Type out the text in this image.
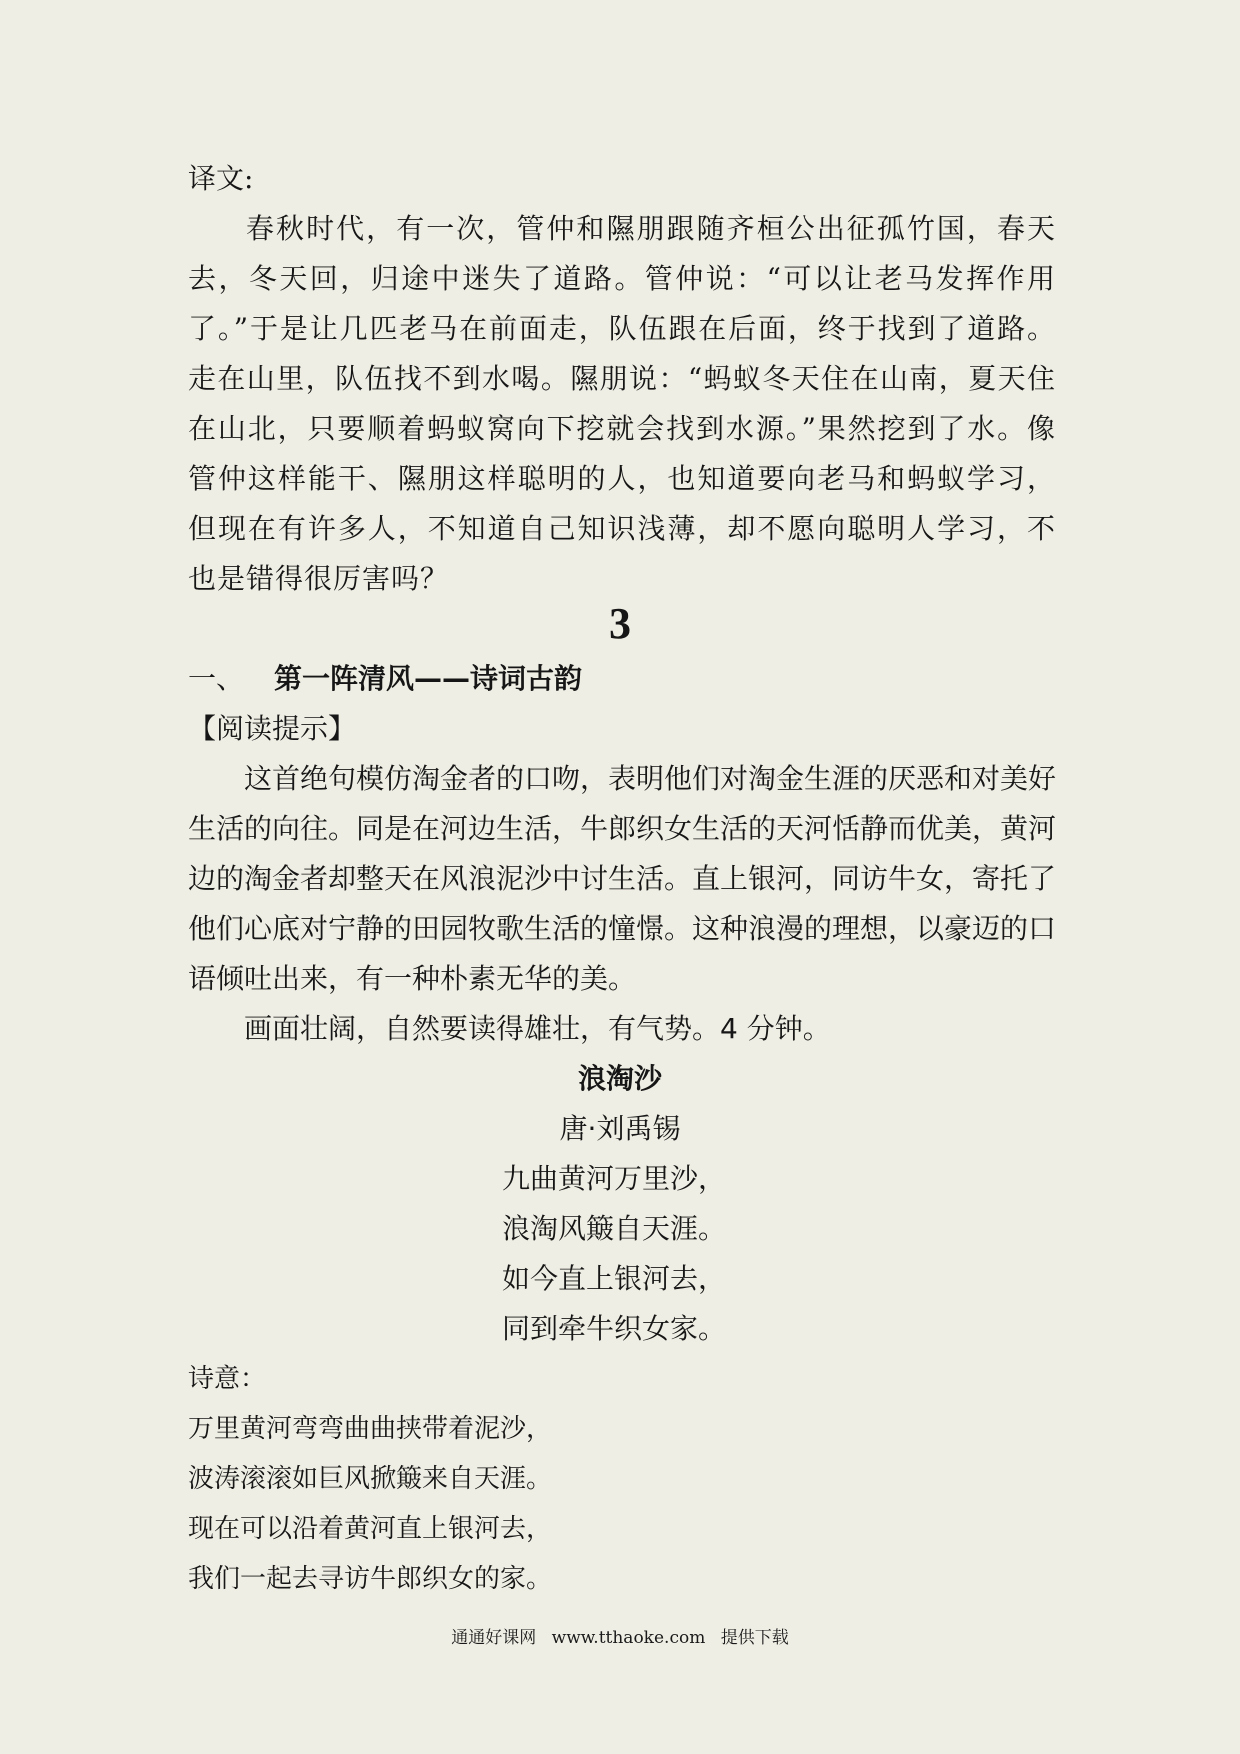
译文:

春秋时代，有一次，管仲和隰朋跟随齐桓公出征孤竹国，春天去，冬天回，归途中迷失了道路。管仲说：“可以让老马发挥作用了。”于是让几匹老马在前面走，队伍跟在后面，终于找到了道路。走在山里，队伍找不到水喝。隰朋说：“蚂蚁冬天住在山南，夏天住在山北，只要顺着蚂蚁窝向下挖就会找到水源。”果然挖到了水。像管仲这样能干、隰朋这样聪明的人，也知道要向老马和蚂蚁学习，但现在有许多人，不知道自己知识浅薄，却不愿向聪明人学习，不也是错得很厉害吗？

3
一、 第一阵清风——诗词古韵

【阅读提示】

这首绝句模仿淘金者的口吻，表明他们对淘金生涯的厌恶和对美好生活的向往。同是在河边生活，牛郎织女生活的天河恬静而优美，黄河边的淘金者却整天在风浪泥沙中讨生活。直上银河，同访牛女，寄托了他们心底对宁静的田园牧歌生活的憧憬。这种浪漫的理想，以豪迈的口语倾吐出来，有一种朴素无华的美。

画面壮阔，自然要读得雄壮，有气势。4 分钟。

浪淘沙
唐·刘禹锡
九曲黄河万里沙，
浪淘风簸自天涯。
如今直上银河去，
同到牵牛织女家。

诗意：

万里黄河弯弯曲曲挟带着泥沙，

波涛滚滚如巨风掀簸来自天涯。

现在可以沿着黄河直上银河去，

我们一起去寻访牛郎织女的家。

通通好课网 www.tthaoke.com 提供下载
